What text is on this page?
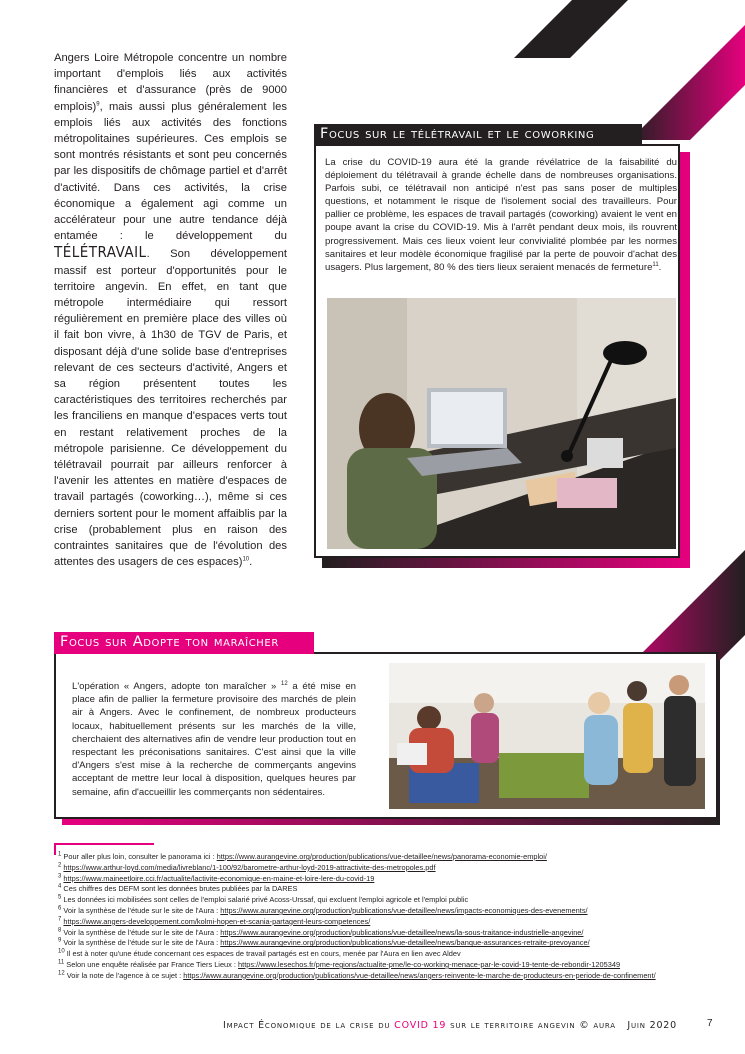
Angers Loire Métropole concentre un nombre important d'emplois liés aux activités financières et d'assurance (près de 9000 emplois)$^9$, mais aussi plus généralement les emplois liés aux activités des fonctions métropolitaines supérieures. Ces emplois se sont montrés résistants et sont peu concernés par les dispositifs de chômage partiel et d'arrêt d'activité. Dans ces activités, la crise économique a également agi comme un accélérateur pour une autre tendance déjà entamée : le développement du TÉLÉTRAVAIL. Son développement massif est porteur d'opportunités pour le territoire angevin. En effet, en tant que métropole intermédiaire qui ressort régulièrement en première place des villes où il fait bon vivre, à 1h30 de TGV de Paris, et disposant déjà d'une solide base d'entreprises relevant de ces secteurs d'activité, Angers et sa région présentent toutes les caractéristiques des territoires recherchés par les franciliens en manque d'espaces verts tout en restant relativement proches de la métropole parisienne. Ce développement du télétravail pourrait par ailleurs renforcer à l'avenir les attentes en matière d'espaces de travail partagés (coworking…), même si ces derniers sortent pour le moment affaiblis par la crise (probablement plus en raison des contraintes sanitaires que de l'évolution des attentes des usagers de ces espaces)$^{10}$.
Focus sur le télétravail et le coworking
La crise du COVID-19 aura été la grande révélatrice de la faisabilité du déploiement du télétravail à grande échelle dans de nombreuses organisations. Parfois subi, ce télétravail non anticipé n'est pas sans poser de multiples questions, et notamment le risque de l'isolement social des travailleurs. Pour pallier ce problème, les espaces de travail partagés (coworking) avaient le vent en poupe avant la crise du COVID-19. Mis à l'arrêt pendant deux mois, ils rouvrent progressivement. Mais ces lieux voient leur convivialité plombée par les normes sanitaires et leur modèle économique fragilisé par la perte de pouvoir d'achat des usagers. Plus largement, 80 % des tiers lieux seraient menacés de fermeture$^{11}$.
Focus sur Adopte ton maraîcher
L'opération « Angers, adopte ton maraîcher » $^{12}$ a été mise en place afin de pallier la fermeture provisoire des marchés de plein air à Angers. Avec le confinement, de nombreux producteurs locaux, habituellement présents sur les marchés de la ville, cherchaient des alternatives afin de vendre leur production tout en respectant les préconisations sanitaires. C'est ainsi que la ville d'Angers s'est mise à la recherche de commerçants angevins acceptant de mettre leur local à disposition, quelques heures par semaine, afin d'accueillir les commerçants non sédentaires.
$^1$ Pour aller plus loin, consulter le panorama ici : https://www.aurangevine.org/production/publications/vue-detaillee/news/panorama-economie-emploi/
$^2$ https://www.arthur-loyd.com/media/livreblanc/1-100/92/barometre-arthur-loyd-2019-attractivite-des-metropoles.pdf
$^3$ https://www.maineetloire.cci.fr/actualite/lactivite-economique-en-maine-et-loire-lere-du-covid-19
$^4$ Ces chiffres des DEFM sont les données brutes publiées par la DARES
$^5$ Les données ici mobilisées sont celles de l'emploi salarié privé Acoss-Urssaf, qui excluent l'emploi agricole et l'emploi public
$^6$ Voir la synthèse de l'étude sur le site de l'Aura : https://www.aurangevine.org/production/publications/vue-detaillee/news/impacts-economiques-des-evenements/
$^7$ https://www.angers-developpement.com/kolmi-hopen-et-scania-partagent-leurs-competences/
$^8$ Voir la synthèse de l'étude sur le site de l'Aura : https://www.aurangevine.org/production/publications/vue-detaillee/news/la-sous-traitance-industrielle-angevine/
$^9$ Voir la synthèse de l'étude sur le site de l'Aura : https://www.aurangevine.org/production/publications/vue-detaillee/news/banque-assurances-retraite-prevoyance/
$^{10}$ Il est à noter qu'une étude concernant ces espaces de travail partagés est en cours, menée par l'Aura en lien avec Aldev
$^{11}$ Selon une enquête réalisée par France Tiers Lieux : https://www.lesechos.fr/pme-regions/actualite-pme/le-co-working-menace-par-le-covid-19-tente-de-rebondir-1205349
$^{12}$ Voir la note de l'agence à ce sujet : https://www.aurangevine.org/production/publications/vue-detaillee/news/angers-reinvente-le-marche-de-producteurs-en-periode-de-confinement/
Impact Économique de la crise du COVID 19 sur le territoire angevin © aura Juin 2020	7
